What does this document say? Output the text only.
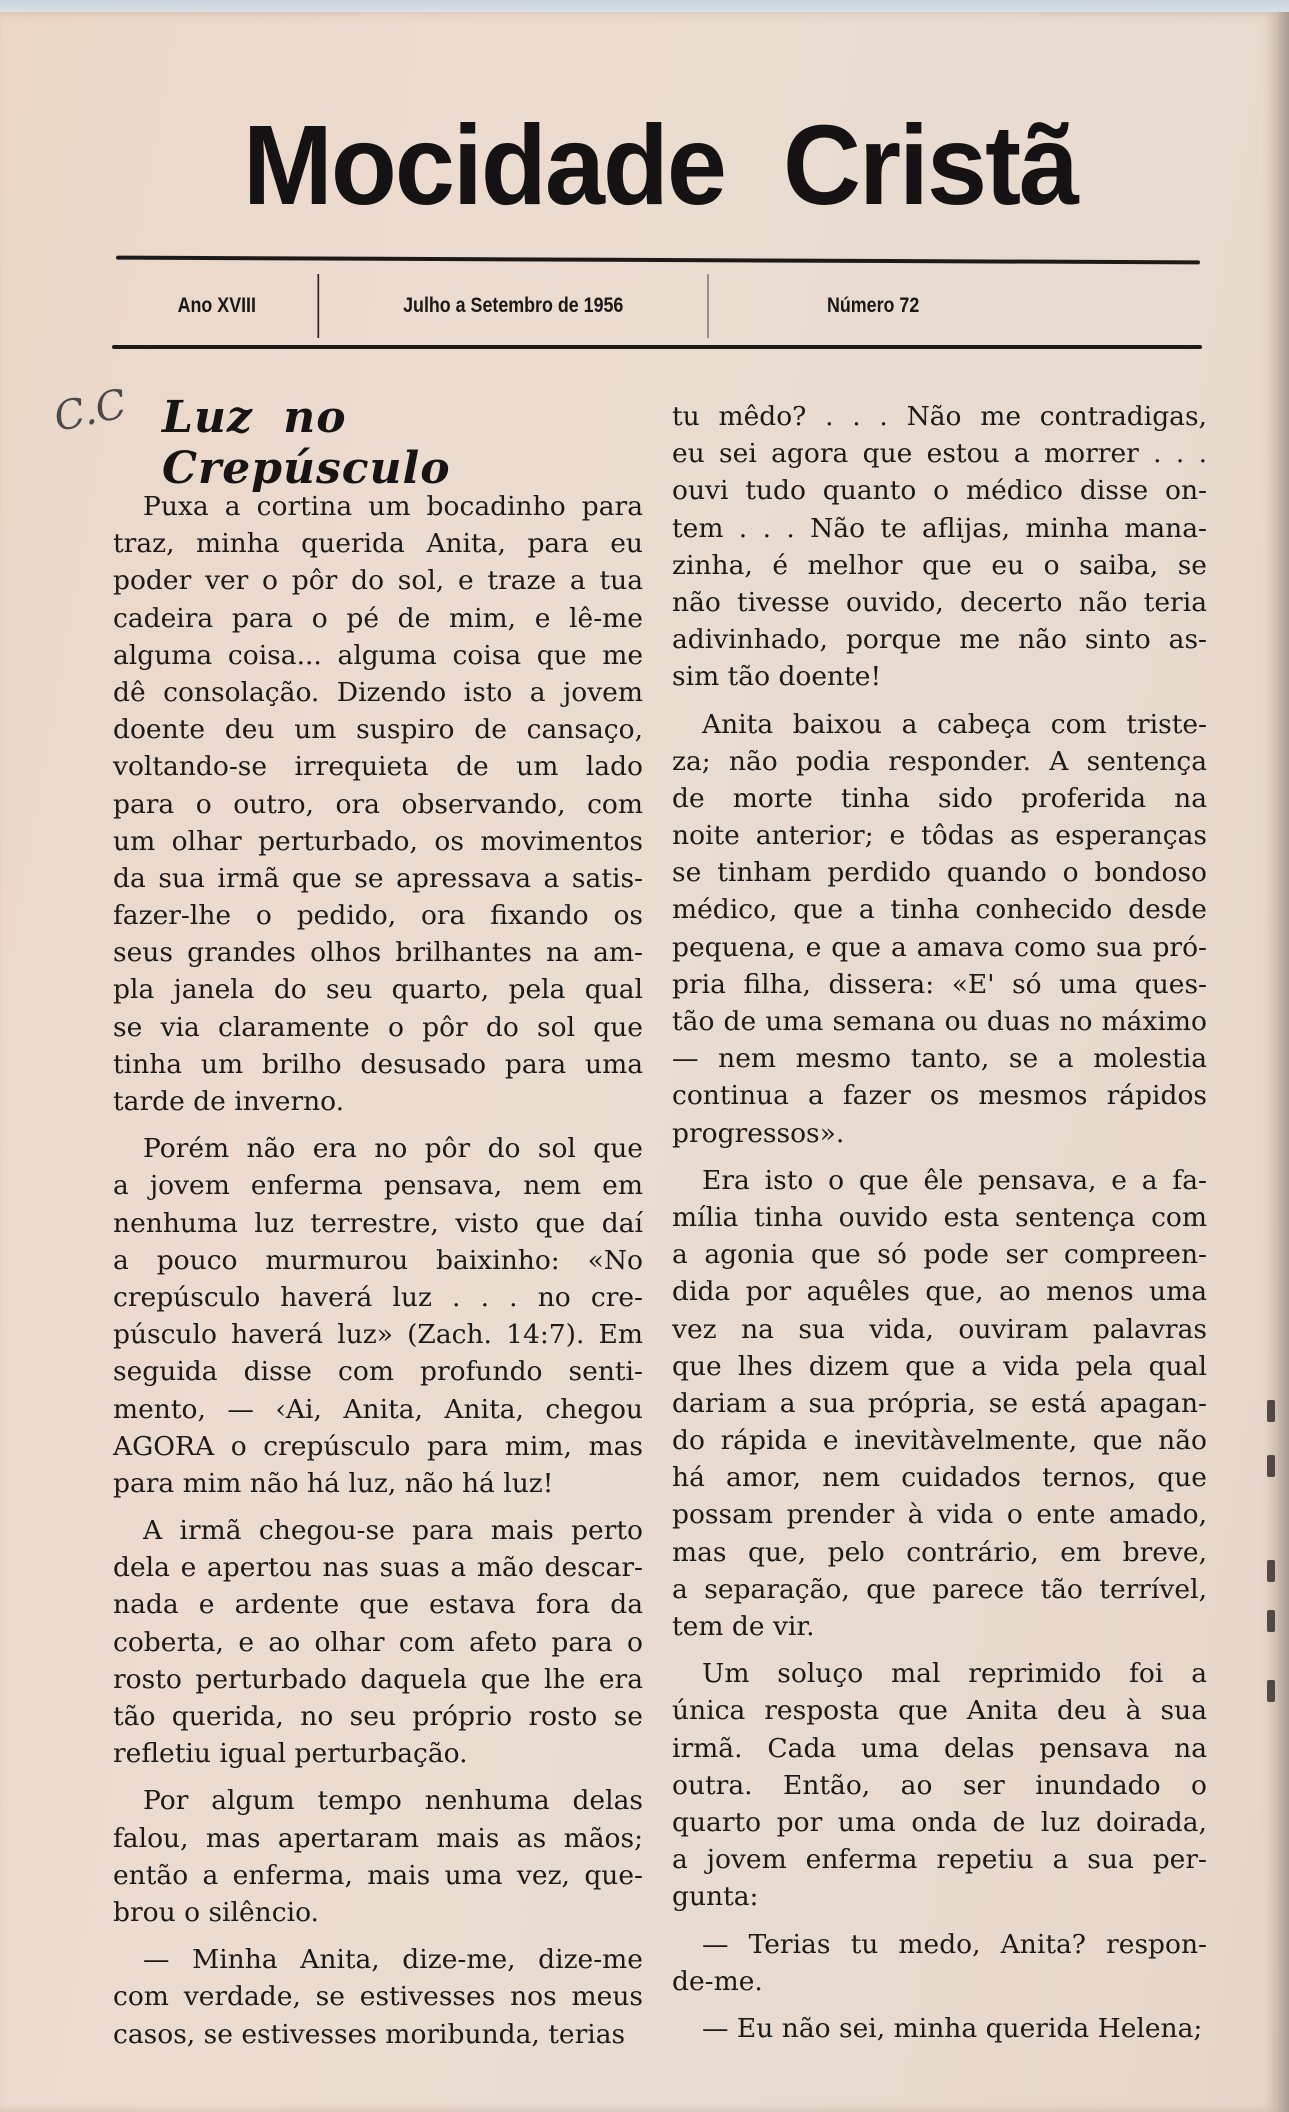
Mocidade Cristã
Ano XVIII	Julho a Setembro de 1956	Número 72
C.C Luz no Crepúsculo
Puxa a cortina um bocadinho para
traz, minha querida Anita, para eu
poder ver o pôr do sol, e traze a tua
cadeira para o pé de mim, e lê-me
alguma coisa... alguma coisa que me
dê consolação. Dizendo isto a jovem
doente deu um suspiro de cansaço,
voltando-se irrequieta de um lado
para o outro, ora observando, com
um olhar perturbado, os movimentos
da sua irmã que se apressava a satis-
fazer-lhe o pedido, ora fixando os
seus grandes olhos brilhantes na am-
pla janela do seu quarto, pela qual
se via claramente o pôr do sol que
tinha um brilho desusado para uma
tarde de inverno.
Porém não era no pôr do sol que
a jovem enferma pensava, nem em
nenhuma luz terrestre, visto que daí
a pouco murmurou baixinho: «No
crepúsculo haverá luz . . . no cre-
púsculo haverá luz» (Zach. 14:7). Em
seguida disse com profundo senti-
mento, — ‹Ai, Anita, Anita, chegou
AGORA o crepúsculo para mim, mas
para mim não há luz, não há luz!
A irmã chegou-se para mais perto
dela e apertou nas suas a mão descar-
nada e ardente que estava fora da
coberta, e ao olhar com afeto para o
rosto perturbado daquela que lhe era
tão querida, no seu próprio rosto se
refletiu igual perturbação.
Por algum tempo nenhuma delas
falou, mas apertaram mais as mãos;
então a enferma, mais uma vez, que-
brou o silêncio.
— Minha Anita, dize-me, dize-me
com verdade, se estivesses nos meus
casos, se estivesses moribunda, terias
tu mêdo? . . . Não me contradigas,
eu sei agora que estou a morrer . . .
ouvi tudo quanto o médico disse on-
tem . . . Não te aflijas, minha mana-
zinha, é melhor que eu o saiba, se
não tivesse ouvido, decerto não teria
adivinhado, porque me não sinto as-
sim tão doente!
Anita baixou a cabeça com triste-
za; não podia responder. A sentença
de morte tinha sido proferida na
noite anterior; e tôdas as esperanças
se tinham perdido quando o bondoso
médico, que a tinha conhecido desde
pequena, e que a amava como sua pró-
pria filha, dissera: «E' só uma ques-
tão de uma semana ou duas no máximo
— nem mesmo tanto, se a molestia
continua a fazer os mesmos rápidos
progressos».
Era isto o que êle pensava, e a fa-
mília tinha ouvido esta sentença com
a agonia que só pode ser compreen-
dida por aquêles que, ao menos uma
vez na sua vida, ouviram palavras
que lhes dizem que a vida pela qual
dariam a sua própria, se está apagan-
do rápida e inevitàvelmente, que não
há amor, nem cuidados ternos, que
possam prender à vida o ente amado,
mas que, pelo contrário, em breve,
a separação, que parece tão terrível,
tem de vir.
Um soluço mal reprimido foi a
única resposta que Anita deu à sua
irmã. Cada uma delas pensava na
outra. Então, ao ser inundado o
quarto por uma onda de luz doirada,
a jovem enferma repetiu a sua per-
gunta:
— Terias tu medo, Anita? respon-
de-me.
— Eu não sei, minha querida Helena;
